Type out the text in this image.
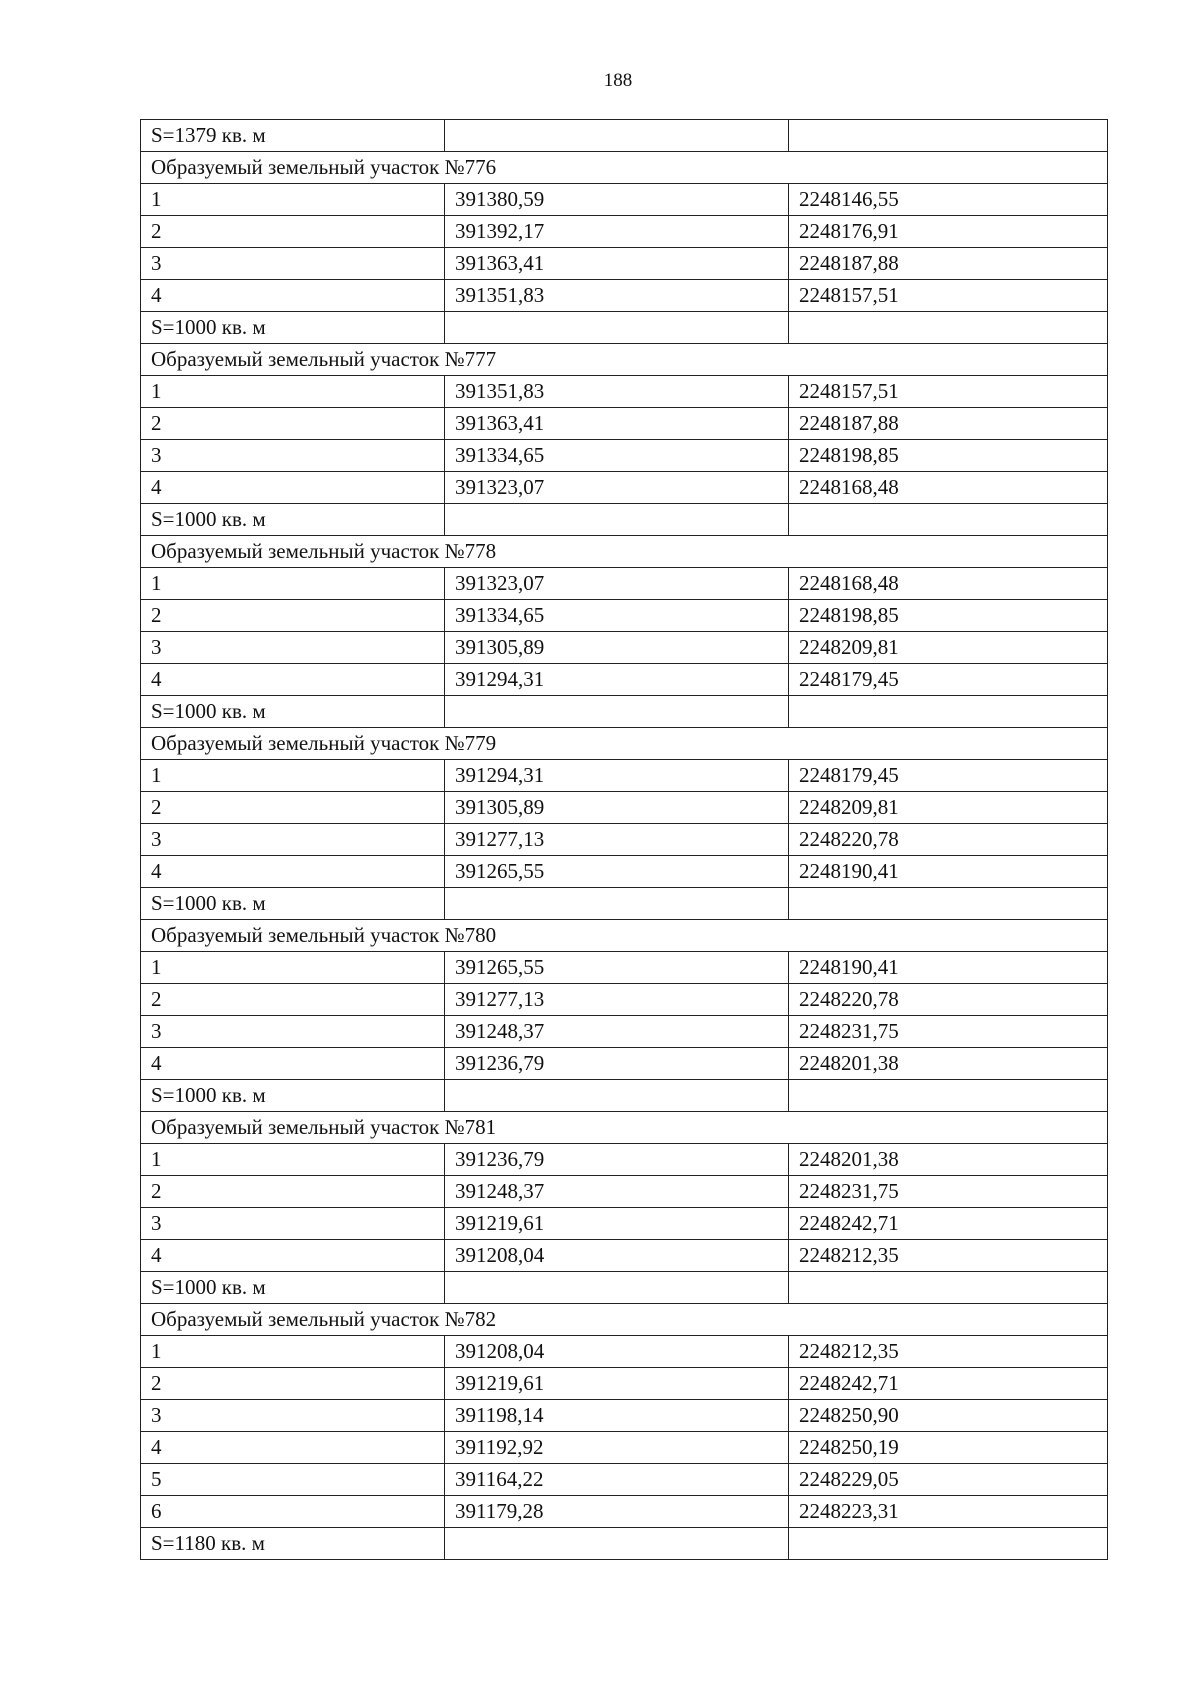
188
S=1379 кв. м		
Образуемый земельный участок №776		
1	391380,59	2248146,55
2	391392,17	2248176,91
3	391363,41	2248187,88
4	391351,83	2248157,51
S=1000 кв. м		
Образуемый земельный участок №777		
1	391351,83	2248157,51
2	391363,41	2248187,88
3	391334,65	2248198,85
4	391323,07	2248168,48
S=1000 кв. м		
Образуемый земельный участок №778		
1	391323,07	2248168,48
2	391334,65	2248198,85
3	391305,89	2248209,81
4	391294,31	2248179,45
S=1000 кв. м		
Образуемый земельный участок №779		
1	391294,31	2248179,45
2	391305,89	2248209,81
3	391277,13	2248220,78
4	391265,55	2248190,41
S=1000 кв. м		
Образуемый земельный участок №780		
1	391265,55	2248190,41
2	391277,13	2248220,78
3	391248,37	2248231,75
4	391236,79	2248201,38
S=1000 кв. м		
Образуемый земельный участок №781		
1	391236,79	2248201,38
2	391248,37	2248231,75
3	391219,61	2248242,71
4	391208,04	2248212,35
S=1000 кв. м		
Образуемый земельный участок №782		
1	391208,04	2248212,35
2	391219,61	2248242,71
3	391198,14	2248250,90
4	391192,92	2248250,19
5	391164,22	2248229,05
6	391179,28	2248223,31
S=1180 кв. м		
